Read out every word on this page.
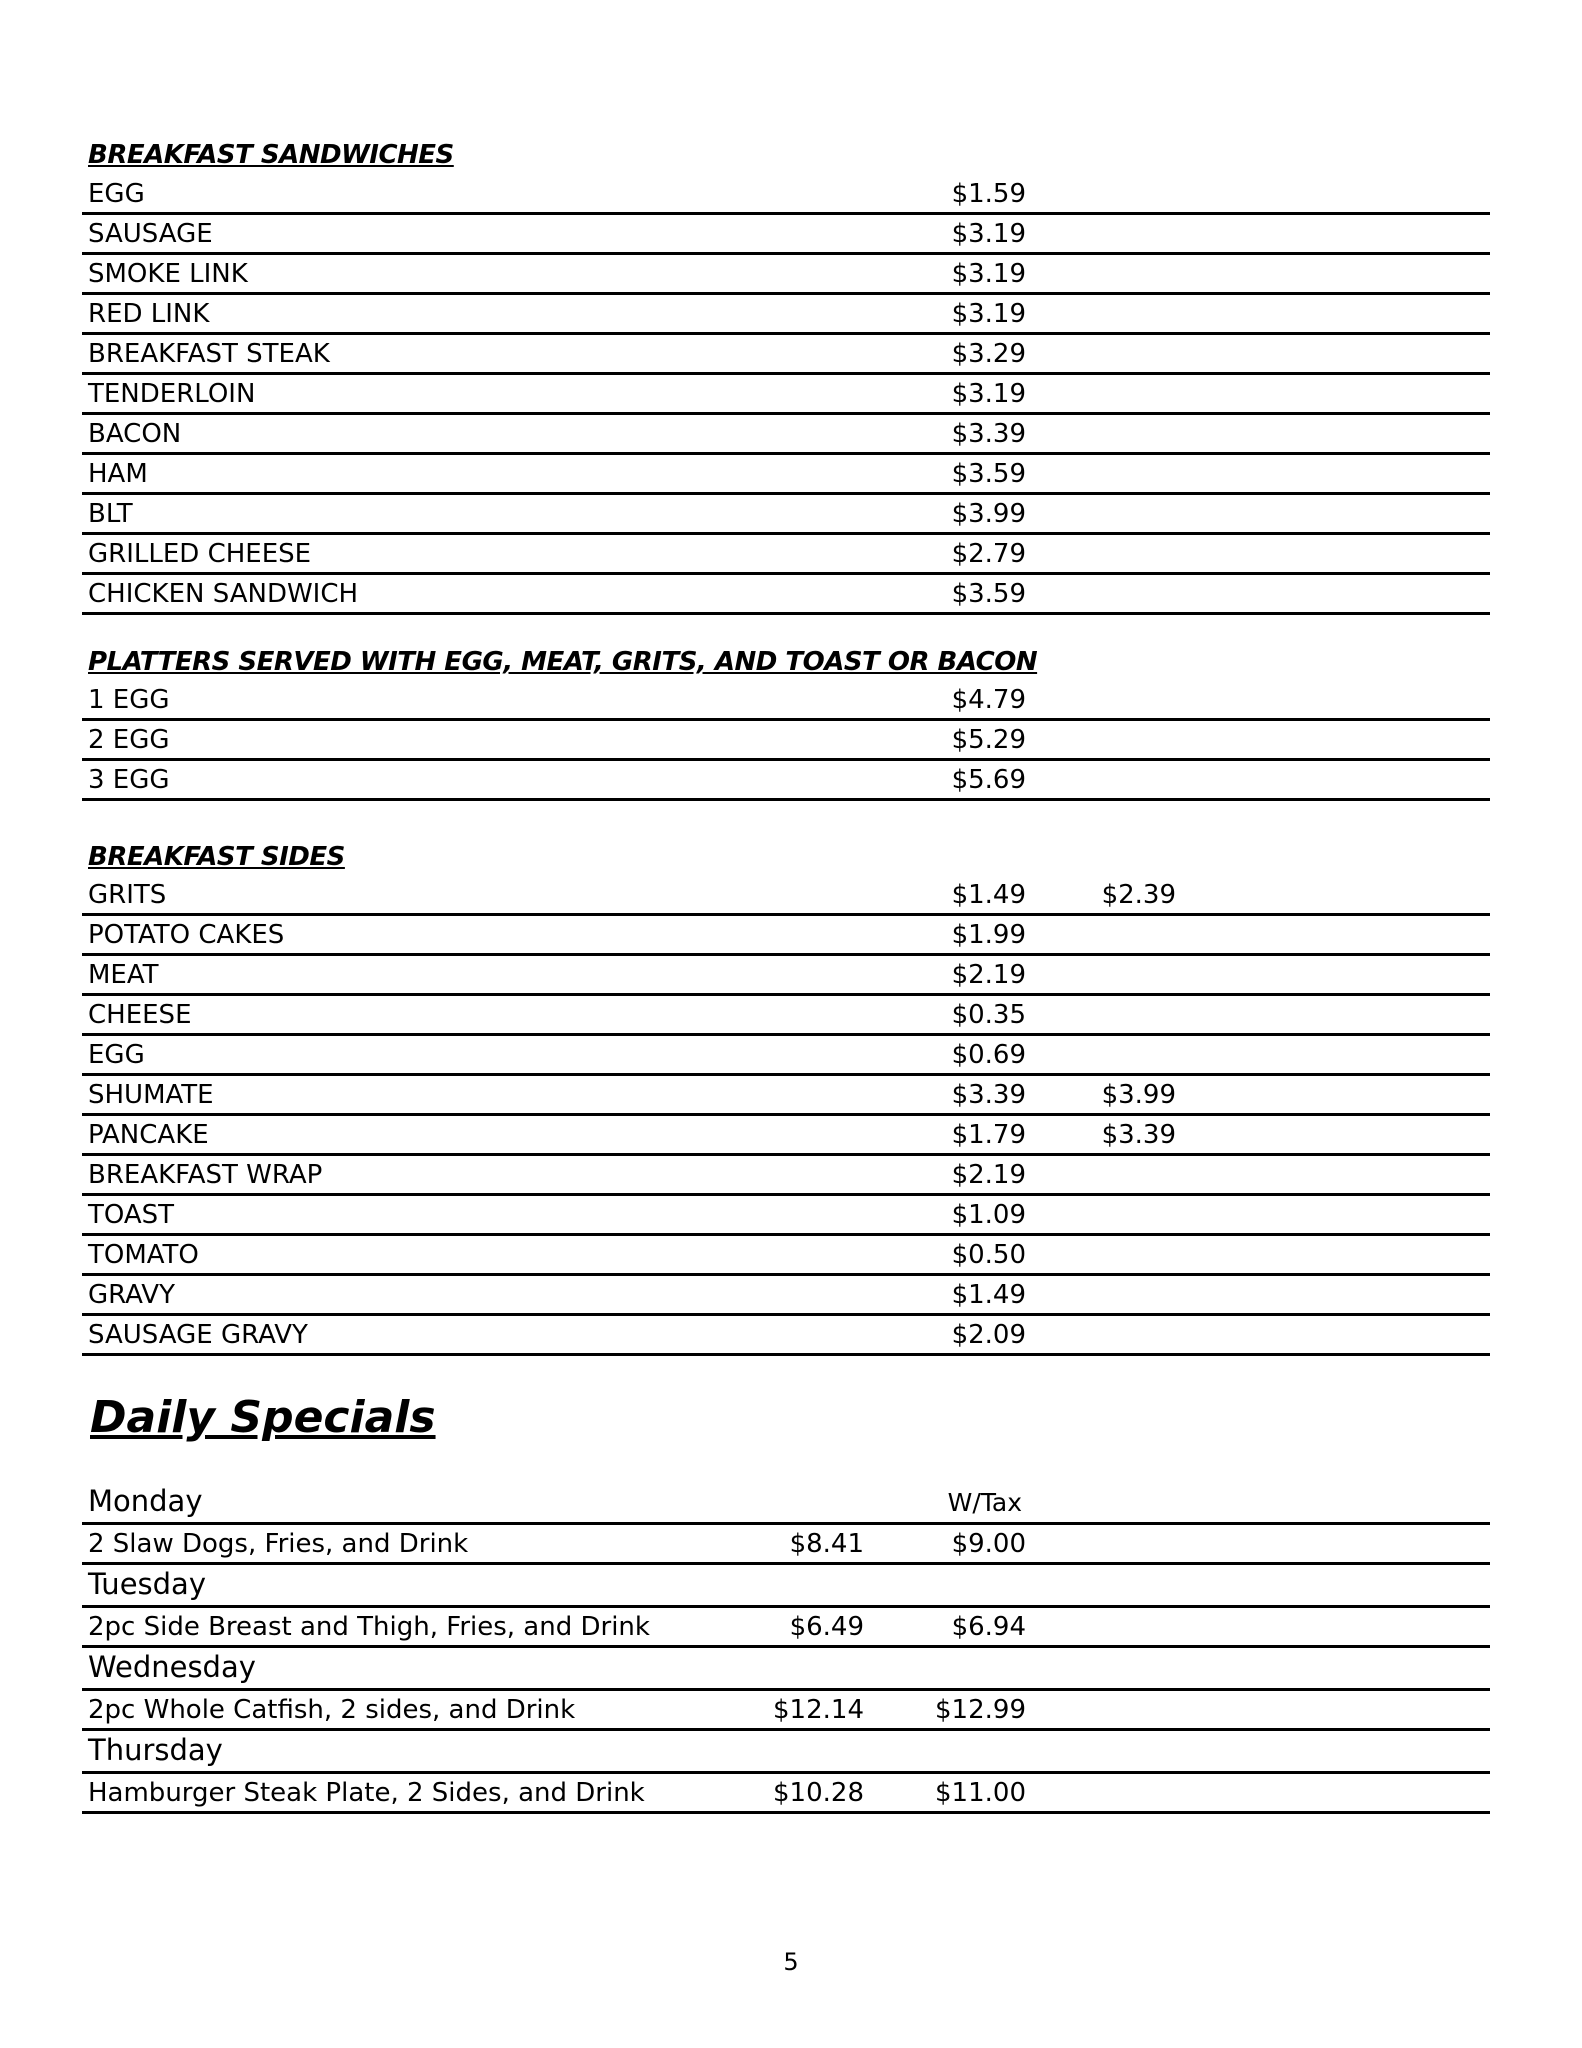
BREAKFAST SANDWICHES
EGG	$1.59
SAUSAGE	$3.19
SMOKE LINK	$3.19
RED LINK	$3.19
BREAKFAST STEAK	$3.29
TENDERLOIN	$3.19
BACON	$3.39
HAM	$3.59
BLT	$3.99
GRILLED CHEESE	$2.79
CHICKEN SANDWICH	$3.59
PLATTERS SERVED WITH EGG, MEAT, GRITS, AND TOAST OR BACON
1 EGG	$4.79
2 EGG	$5.29
3 EGG	$5.69
BREAKFAST SIDES
GRITS	$1.49	$2.39
POTATO CAKES	$1.99
MEAT	$2.19
CHEESE	$0.35
EGG	$0.69
SHUMATE	$3.39	$3.99
PANCAKE	$1.79	$3.39
BREAKFAST WRAP	$2.19
TOAST	$1.09
TOMATO	$0.50
GRAVY	$1.49
SAUSAGE GRAVY	$2.09
Daily Specials
Monday	W/Tax
2 Slaw Dogs, Fries, and Drink	$8.41	$9.00
Tuesday
2pc Side Breast and Thigh, Fries, and Drink	$6.49	$6.94
Wednesday
2pc Whole Catfish, 2 sides, and Drink	$12.14	$12.99
Thursday
Hamburger Steak Plate, 2 Sides, and Drink	$10.28	$11.00
5
